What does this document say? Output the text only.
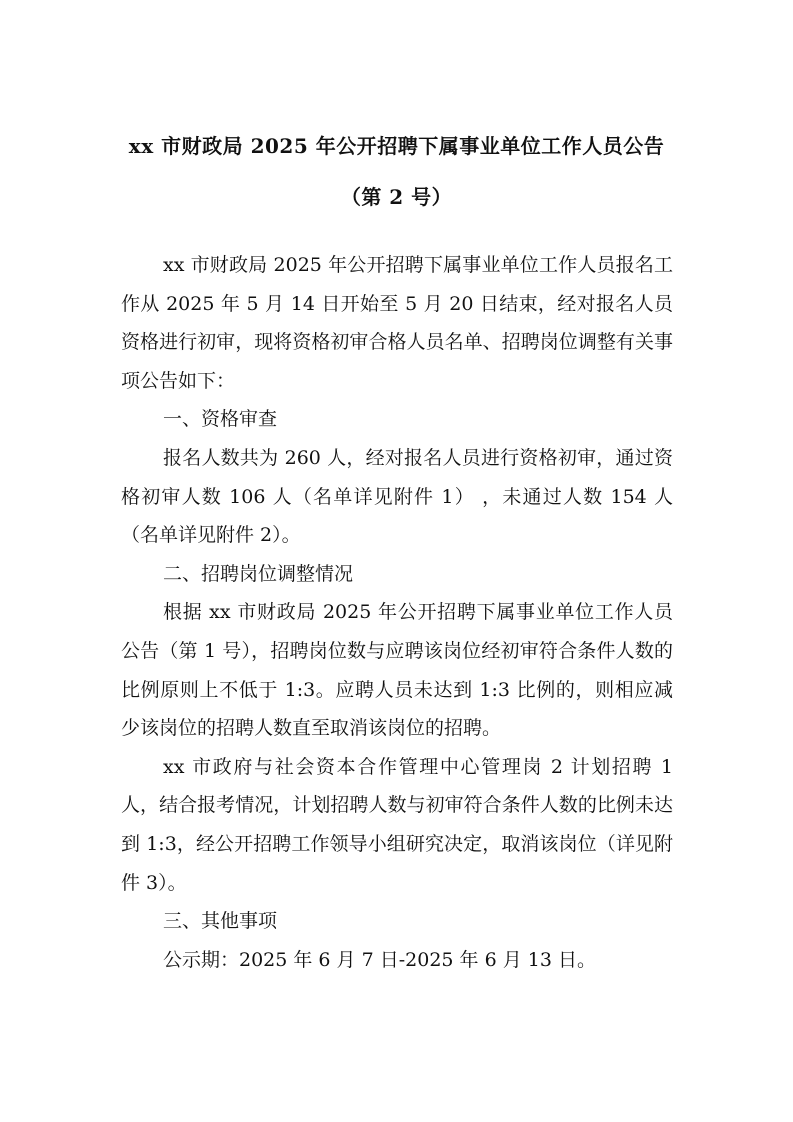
xx 市财政局 2025 年公开招聘下属事业单位工作人员公告
（第 2 号）

xx 市财政局 2025 年公开招聘下属事业单位工作人员报名工作从 2025 年 5 月 14 日开始至 5 月 20 日结束，经对报名人员资格进行初审，现将资格初审合格人员名单、招聘岗位调整有关事项公告如下：

一、资格审查

报名人数共为 260 人，经对报名人员进行资格初审，通过资格初审人数 106 人（名单详见附件 1） ，未通过人数 154 人（名单详见附件 2）。

二、招聘岗位调整情况

根据 xx 市财政局 2025 年公开招聘下属事业单位工作人员公告（第 1 号），招聘岗位数与应聘该岗位经初审符合条件人数的比例原则上不低于 1:3。应聘人员未达到 1:3 比例的，则相应减少该岗位的招聘人数直至取消该岗位的招聘。

xx 市政府与社会资本合作管理中心管理岗 2 计划招聘 1 人，结合报考情况，计划招聘人数与初审符合条件人数的比例未达到 1:3，经公开招聘工作领导小组研究决定，取消该岗位（详见附件 3）。

三、其他事项

公示期：2025 年 6 月 7 日-2025 年 6 月 13 日。
